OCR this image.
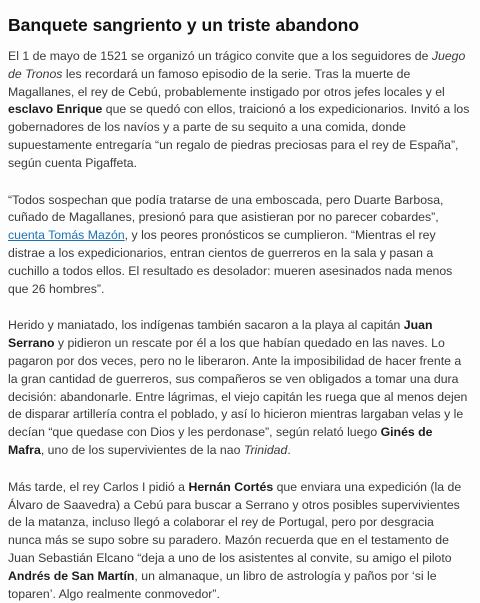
Banquete sangriento y un triste abandono

El 1 de mayo de 1521 se organizó un trágico convite que a los seguidores de Juego de Tronos les recordará un famoso episodio de la serie. Tras la muerte de Magallanes, el rey de Cebú, probablemente instigado por otros jefes locales y el esclavo Enrique que se quedó con ellos, traicionó a los expedicionarios. Invitó a los gobernadores de los navíos y a parte de su sequito a una comida, donde supuestamente entregaría “un regalo de piedras preciosas para el rey de España”, según cuenta Pigaffeta.

“Todos sospechan que podía tratarse de una emboscada, pero Duarte Barbosa, cuñado de Magallanes, presionó para que asistieran por no parecer cobardes”, cuenta Tomás Mazón, y los peores pronósticos se cumplieron. “Mientras el rey distrae a los expedicionarios, entran cientos de guerreros en la sala y pasan a cuchillo a todos ellos. El resultado es desolador: mueren asesinados nada menos que 26 hombres”.

Herido y maniatado, los indígenas también sacaron a la playa al capitán Juan Serrano y pidieron un rescate por él a los que habían quedado en las naves. Lo pagaron por dos veces, pero no le liberaron. Ante la imposibilidad de hacer frente a la gran cantidad de guerreros, sus compañeros se ven obligados a tomar una dura decisión: abandonarle. Entre lágrimas, el viejo capitán les ruega que al menos dejen de disparar artillería contra el poblado, y así lo hicieron mientras largaban velas y le decían “que quedase con Dios y les perdonase”, según relató luego Ginés de Mafra, uno de los supervivientes de la nao Trinidad.

Más tarde, el rey Carlos I pidió a Hernán Cortés que enviara una expedición (la de Álvaro de Saavedra) a Cebú para buscar a Serrano y otros posibles supervivientes de la matanza, incluso llegó a colaborar el rey de Portugal, pero por desgracia nunca más se supo sobre su paradero. Mazón recuerda que en el testamento de Juan Sebastián Elcano “deja a uno de los asistentes al convite, su amigo el piloto Andrés de San Martín, un almanaque, un libro de astrología y paños por ‘si le toparen’. Algo realmente conmovedor”.
